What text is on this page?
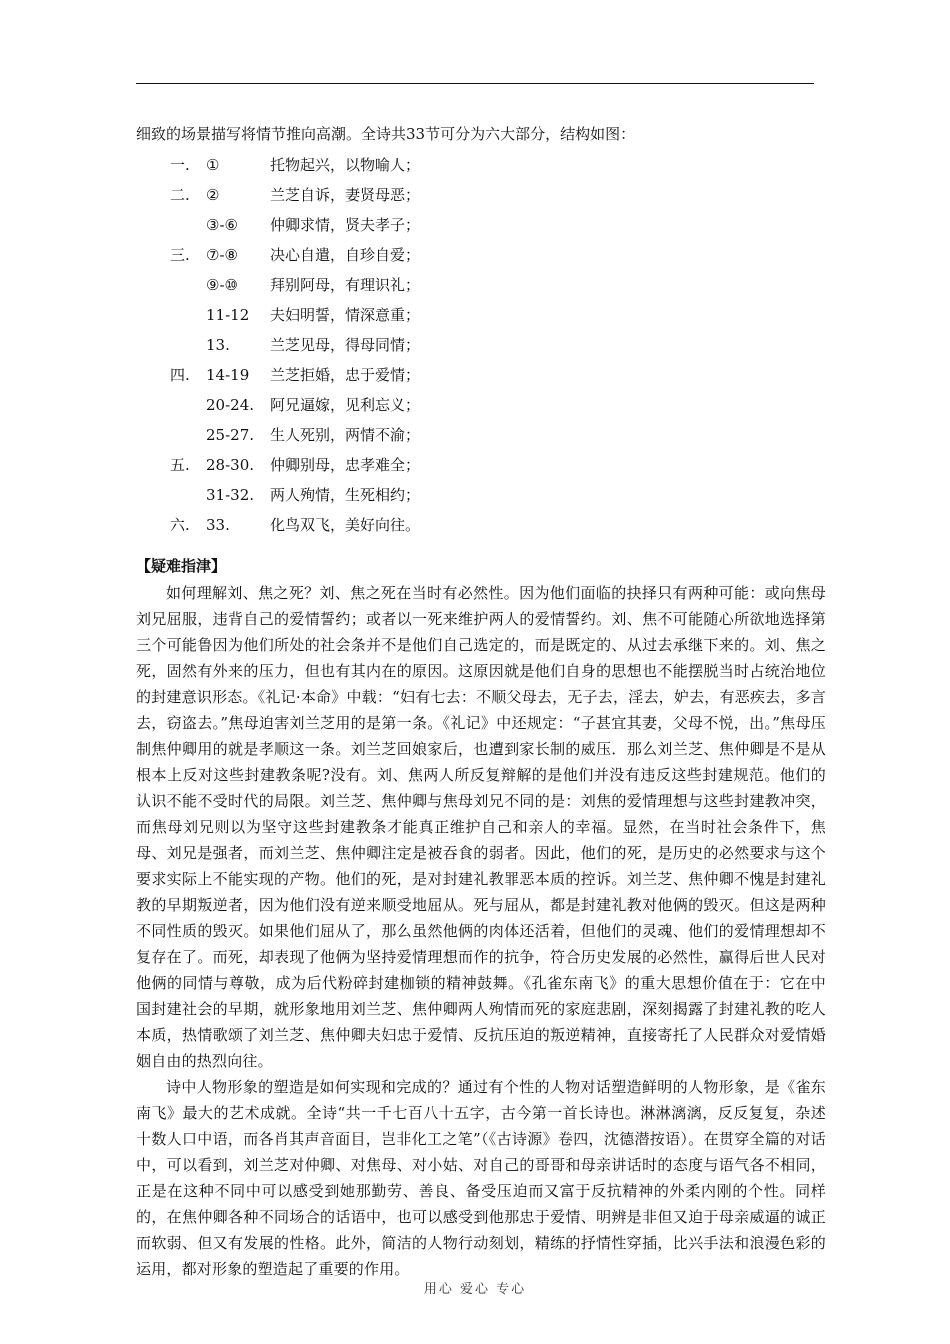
细致的场景描写将情节推向高潮。全诗共33节可分为六大部分，结构如图：
一. ①	托物起兴，以物喻人；
二. ②	兰芝自诉，妻贤母恶；
③-⑥ 仲卿求情，贤夫孝子；
三. ⑦-⑧ 决心自遣，自珍自爱；
⑨-⑩ 拜别阿母，有理识礼；
11-12 夫妇明誓，情深意重；
13.	兰芝见母，得母同情；
四. 14-19 兰芝拒婚，忠于爱情；
20-24. 阿兄逼嫁，见利忘义；
25-27. 生人死别，两情不渝；
五. 28-30. 仲卿别母，忠孝难全；
31-32. 两人殉情，生死相约；
六. 33.	化鸟双飞，美好向往。
【疑难指津】

如何理解刘、焦之死？刘、焦之死在当时有必然性。因为他们面临的抉择只有两种可能：或向焦母刘兄屈服，违背自己的爱情誓约；或者以一死来维护两人的爱情誓约。刘、焦不可能随心所欲地选择第三个可能鲁因为他们所处的社会条并不是他们自己选定的，而是既定的、从过去承继下来的。刘、焦之死，固然有外来的压力，但也有其内在的原因。这原因就是他们自身的思想也不能摆脱当时占统治地位的封建意识形态。《礼记·本命》中载：“妇有七去：不顺父母去，无子去，淫去，妒去，有恶疾去，多言去，窃盗去。”焦母迫害刘兰芝用的是第一条。《礼记》中还规定：“子甚宜其妻，父母不悦，出。”焦母压制焦仲卿用的就是孝顺这一条。刘兰芝回娘家后，也遭到家长制的威压．那么刘兰芝、焦仲卿是不是从根本上反对这些封建教条呢?没有。刘、焦两人所反复辩解的是他们并没有违反这些封建规范。他们的认识不能不受时代的局限。刘兰芝、焦仲卿与焦母刘兄不同的是：刘焦的爱情理想与这些封建教冲突，而焦母刘兄则以为坚守这些封建教条才能真正维护自己和亲人的幸福。显然，在当时社会条件下，焦母、刘兄是强者，而刘兰芝、焦仲卿注定是被吞食的弱者。因此，他们的死，是历史的必然要求与这个要求实际上不能实现的产物。他们的死，是对封建礼教罪恶本质的控诉。刘兰芝、焦仲卿不愧是封建礼教的早期叛逆者，因为他们没有逆来顺受地屈从。死与屈从，都是封建礼教对他俩的毁灭。但这是两种不同性质的毁灭。如果他们屈从了，那么虽然他俩的肉体还活着，但他们的灵魂、他们的爱情理想却不复存在了。而死，却表现了他俩为坚持爱情理想而作的抗争，符合历史发展的必然性，赢得后世人民对他俩的同情与尊敬，成为后代粉碎封建枷锁的精神鼓舞。《孔雀东南飞》的重大思想价值在于：它在中国封建社会的早期，就形象地用刘兰芝、焦仲卿两人殉情而死的家庭悲剧，深刻揭露了封建礼教的吃人本质，热情歌颂了刘兰芝、焦仲卿夫妇忠于爱情、反抗压迫的叛逆精神，直接寄托了人民群众对爱情婚姻自由的热烈向往。

诗中人物形象的塑造是如何实现和完成的？通过有个性的人物对话塑造鲜明的人物形象，是《雀东南飞》最大的艺术成就。全诗“共一千七百八十五字，古今第一首长诗也。淋淋漓漓，反反复复，杂述十数人口中语，而各肖其声音面目，岂非化工之笔”（《古诗源》卷四，沈德潜按语）。在贯穿全篇的对话中，可以看到，刘兰芝对仲卿、对焦母、对小姑、对自己的哥哥和母亲讲话时的态度与语气各不相同，正是在这种不同中可以感受到她那勤劳、善良、备受压迫而又富于反抗精神的外柔内刚的个性。同样的，在焦仲卿各种不同场合的话语中，也可以感受到他那忠于爱情、明辨是非但又迫于母亲威逼的诚正而软弱、但又有发展的性格。此外，简洁的人物行动刻划，精练的抒情性穿插，比兴手法和浪漫色彩的运用，都对形象的塑造起了重要的作用。

用心 爱心 专心
